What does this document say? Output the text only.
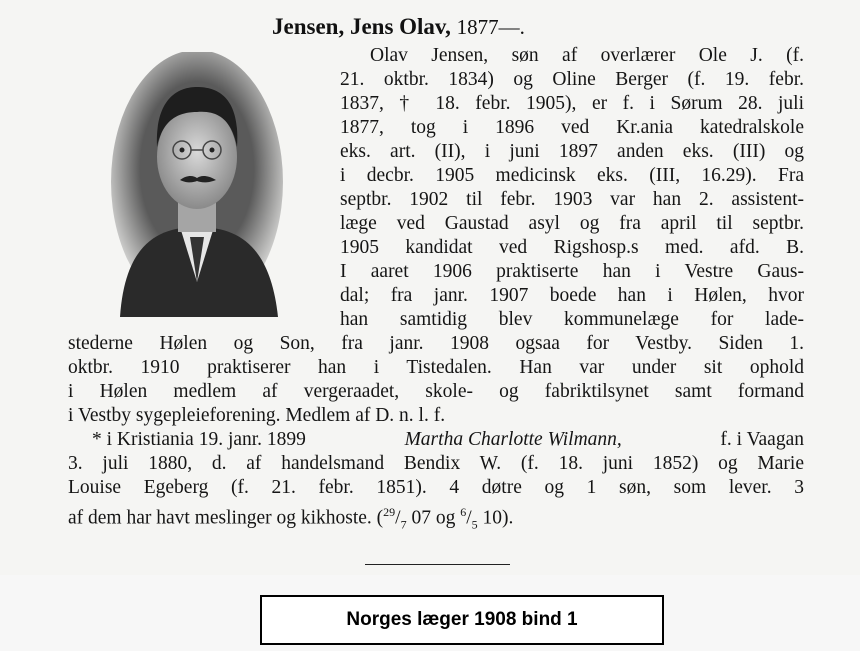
Jensen, Jens Olav, 1877—.
Olav Jensen, søn af overlærer Ole J. (f.
21. oktbr. 1834) og Oline Berger (f. 19. febr.
1837, † 18. febr. 1905), er f. i Sørum 28. juli
1877, tog i 1896 ved Kr.ania katedralskole
eks. art. (II), i juni 1897 anden eks. (III) og
i decbr. 1905 medicinsk eks. (III, 16.29). Fra
septbr. 1902 til febr. 1903 var han 2. assistent-
læge ved Gaustad asyl og fra april til septbr.
1905 kandidat ved Rigshosp.s med. afd. B.
I aaret 1906 praktiserte han i Vestre Gaus-
dal; fra janr. 1907 boede han i Hølen, hvor
han samtidig blev kommunelæge for lade-
stederne Hølen og Son, fra janr. 1908 ogsaa for Vestby. Siden 1.
oktbr. 1910 praktiserer han i Tistedalen. Han var under sit ophold
i Hølen medlem af vergeraadet, skole- og fabriktilsynet samt formand
i Vestby sygepleieforening. Medlem af D. n. l. f.
* i Kristiania 19. janr. 1899	Martha Charlotte Wilmann,	f. i Vaagan
3. juli 1880, d. af handelsmand Bendix W. (f. 18. juni 1852) og Marie
Louise Egeberg (f. 21. febr. 1851). 4 døtre og 1 søn, som lever. 3
af dem har havt meslinger og kikhoste. ($^{29}/_7$ 07 og $^6/_5$ 10).
Norges læger 1908 bind 1
